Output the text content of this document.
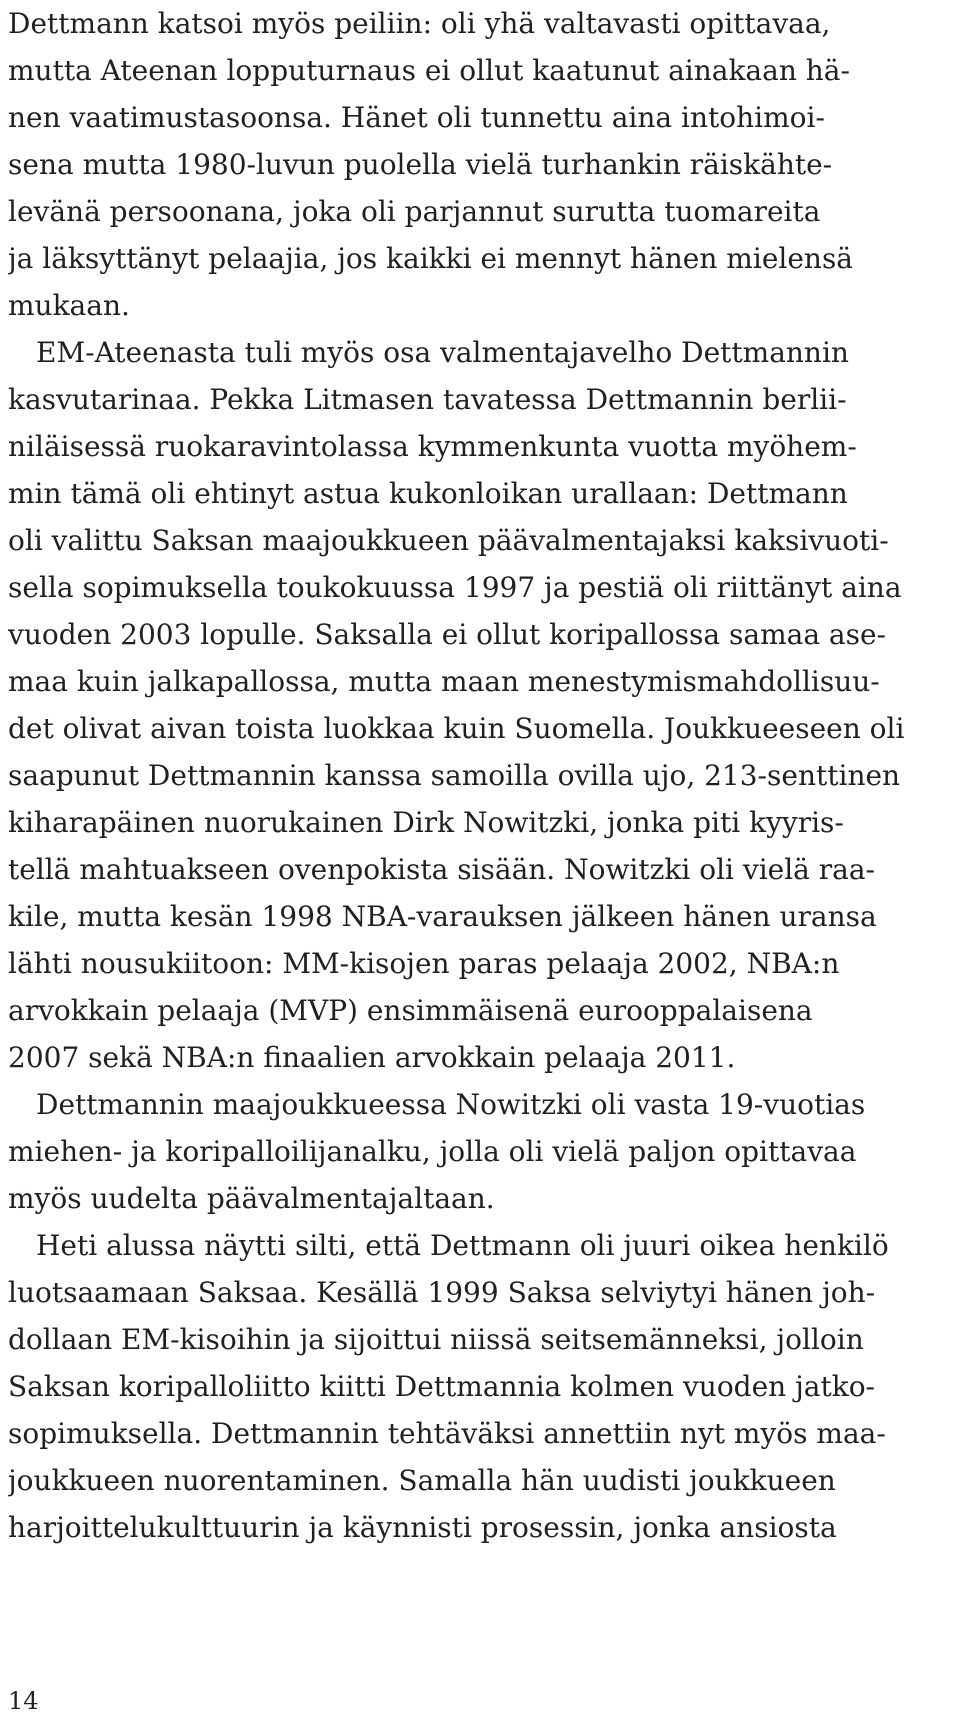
Dettmann katsoi myös peiliin: oli yhä valtavasti opittavaa,
mutta Ateenan lopputurnaus ei ollut kaatunut ainakaan hä-
nen vaatimustasoonsa. Hänet oli tunnettu aina intohimoi-
sena mutta 1980-luvun puolella vielä turhankin räiskähte-
levänä persoonana, joka oli parjannut surutta tuomareita
ja läksyttänyt pelaajia, jos kaikki ei mennyt hänen mielensä
mukaan.
EM-Ateenasta tuli myös osa valmentajavelho Dettmannin
kasvutarinaa. Pekka Litmasen tavatessa Dettmannin berlii-
niläisessä ruokaravintolassa kymmenkunta vuotta myöhem-
min tämä oli ehtinyt astua kukonloikan urallaan: Dettmann
oli valittu Saksan maajoukkueen päävalmentajaksi kaksivuoti-
sella sopimuksella toukokuussa 1997 ja pestiä oli riittänyt aina
vuoden 2003 lopulle. Saksalla ei ollut koripallossa samaa ase-
maa kuin jalkapallossa, mutta maan menestymismahdollisuu-
det olivat aivan toista luokkaa kuin Suomella. Joukkueeseen oli
saapunut Dettmannin kanssa samoilla ovilla ujo, 213-senttinen
kiharapäinen nuorukainen Dirk Nowitzki, jonka piti kyyris-
tellä mahtuakseen ovenpokista sisään. Nowitzki oli vielä raa-
kile, mutta kesän 1998 NBA-varauksen jälkeen hänen uransa
lähti nousukiitoon: MM-kisojen paras pelaaja 2002, NBA:n
arvokkain pelaaja (MVP) ensimmäisenä eurooppalaisena
2007 sekä NBA:n finaalien arvokkain pelaaja 2011.
Dettmannin maajoukkueessa Nowitzki oli vasta 19-vuotias
miehen- ja koripalloilijanalku, jolla oli vielä paljon opittavaa
myös uudelta päävalmentajaltaan.
Heti alussa näytti silti, että Dettmann oli juuri oikea henkilö
luotsaamaan Saksaa. Kesällä 1999 Saksa selviytyi hänen joh-
dollaan EM-kisoihin ja sijoittui niissä seitsemänneksi, jolloin
Saksan koripalloliitto kiitti Dettmannia kolmen vuoden jatko-
sopimuksella. Dettmannin tehtäväksi annettiin nyt myös maa-
joukkueen nuorentaminen. Samalla hän uudisti joukkueen
harjoittelukulttuurin ja käynnisti prosessin, jonka ansiosta
14
